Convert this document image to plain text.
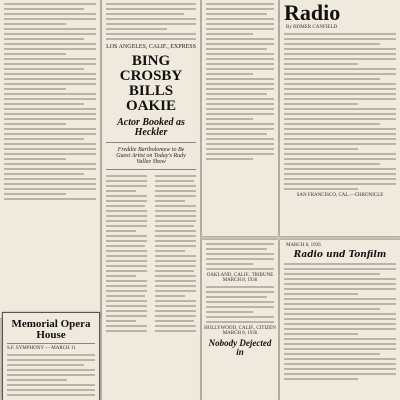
Memorial Opera House
S.F. SYMPHONY — MARCH 11
LOS ANGELES, CALIF., EXPRESS
BING CROSBY BILLS OAKIE
Actor Booked as Heckler
Freddie Bartholomew to Be Guest Artist on Today's Rudy Vallee Show
OAKLAND, CALIF., TRIBUNE
MARCH 8, 1936
HOLLYWOOD, CALIF., CITIZEN
MARCH 8, 1936
Nobody Dejected in
Radio
By HOMER CANFIELD
SAN FRANCISCO, CAL.—CHRONICLE
MARCH 8, 1936
Radio und Tonfilm
